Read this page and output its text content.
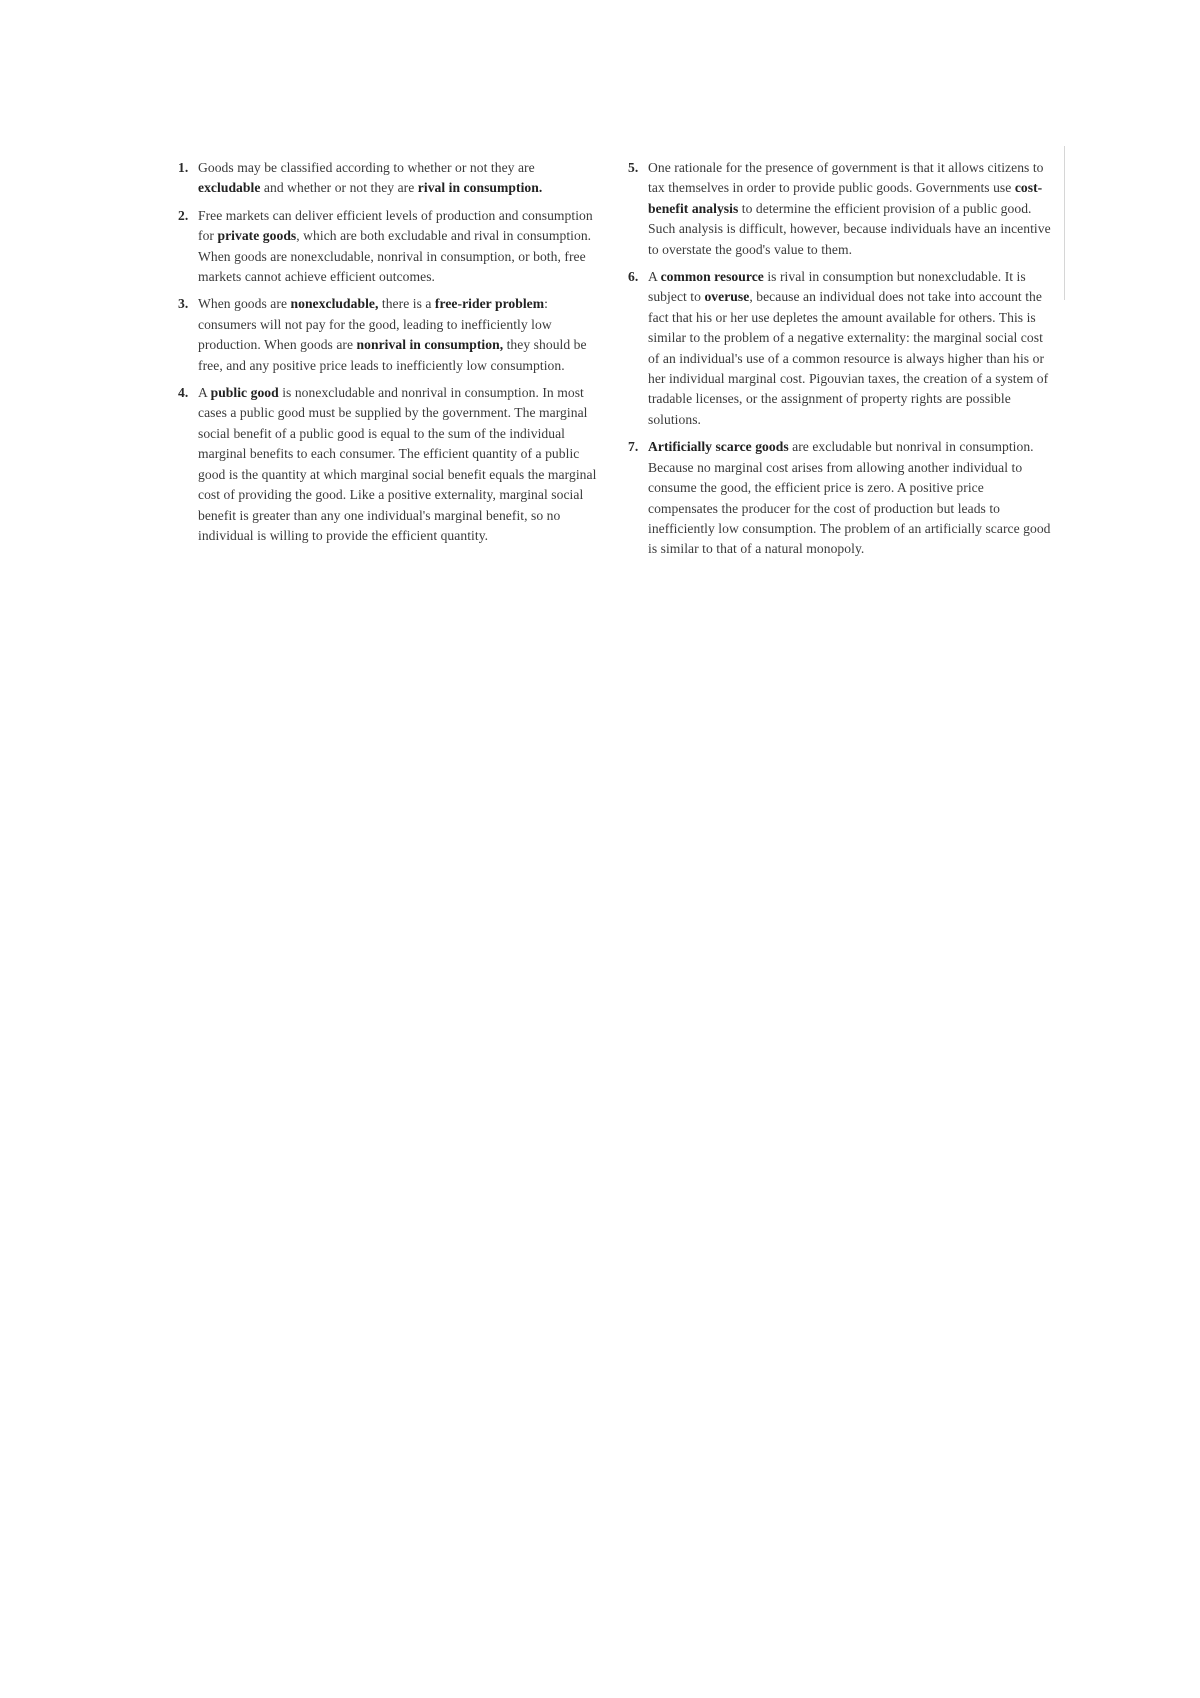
1. Goods may be classified according to whether or not they are excludable and whether or not they are rival in consumption.
2. Free markets can deliver efficient levels of production and consumption for private goods, which are both excludable and rival in consumption. When goods are nonexcludable, nonrival in consumption, or both, free markets cannot achieve efficient outcomes.
3. When goods are nonexcludable, there is a free-rider problem: consumers will not pay for the good, leading to inefficiently low production. When goods are nonrival in consumption, they should be free, and any positive price leads to inefficiently low consumption.
4. A public good is nonexcludable and nonrival in consumption. In most cases a public good must be supplied by the government. The marginal social benefit of a public good is equal to the sum of the individual marginal benefits to each consumer. The efficient quantity of a public good is the quantity at which marginal social benefit equals the marginal cost of providing the good. Like a positive externality, marginal social benefit is greater than any one individual's marginal benefit, so no individual is willing to provide the efficient quantity.
5. One rationale for the presence of government is that it allows citizens to tax themselves in order to provide public goods. Governments use cost-benefit analysis to determine the efficient provision of a public good. Such analysis is difficult, however, because individuals have an incentive to overstate the good's value to them.
6. A common resource is rival in consumption but nonexcludable. It is subject to overuse, because an individual does not take into account the fact that his or her use depletes the amount available for others. This is similar to the problem of a negative externality: the marginal social cost of an individual's use of a common resource is always higher than his or her individual marginal cost. Pigouvian taxes, the creation of a system of tradable licenses, or the assignment of property rights are possible solutions.
7. Artificially scarce goods are excludable but nonrival in consumption. Because no marginal cost arises from allowing another individual to consume the good, the efficient price is zero. A positive price compensates the producer for the cost of production but leads to inefficiently low consumption. The problem of an artificially scarce good is similar to that of a natural monopoly.
